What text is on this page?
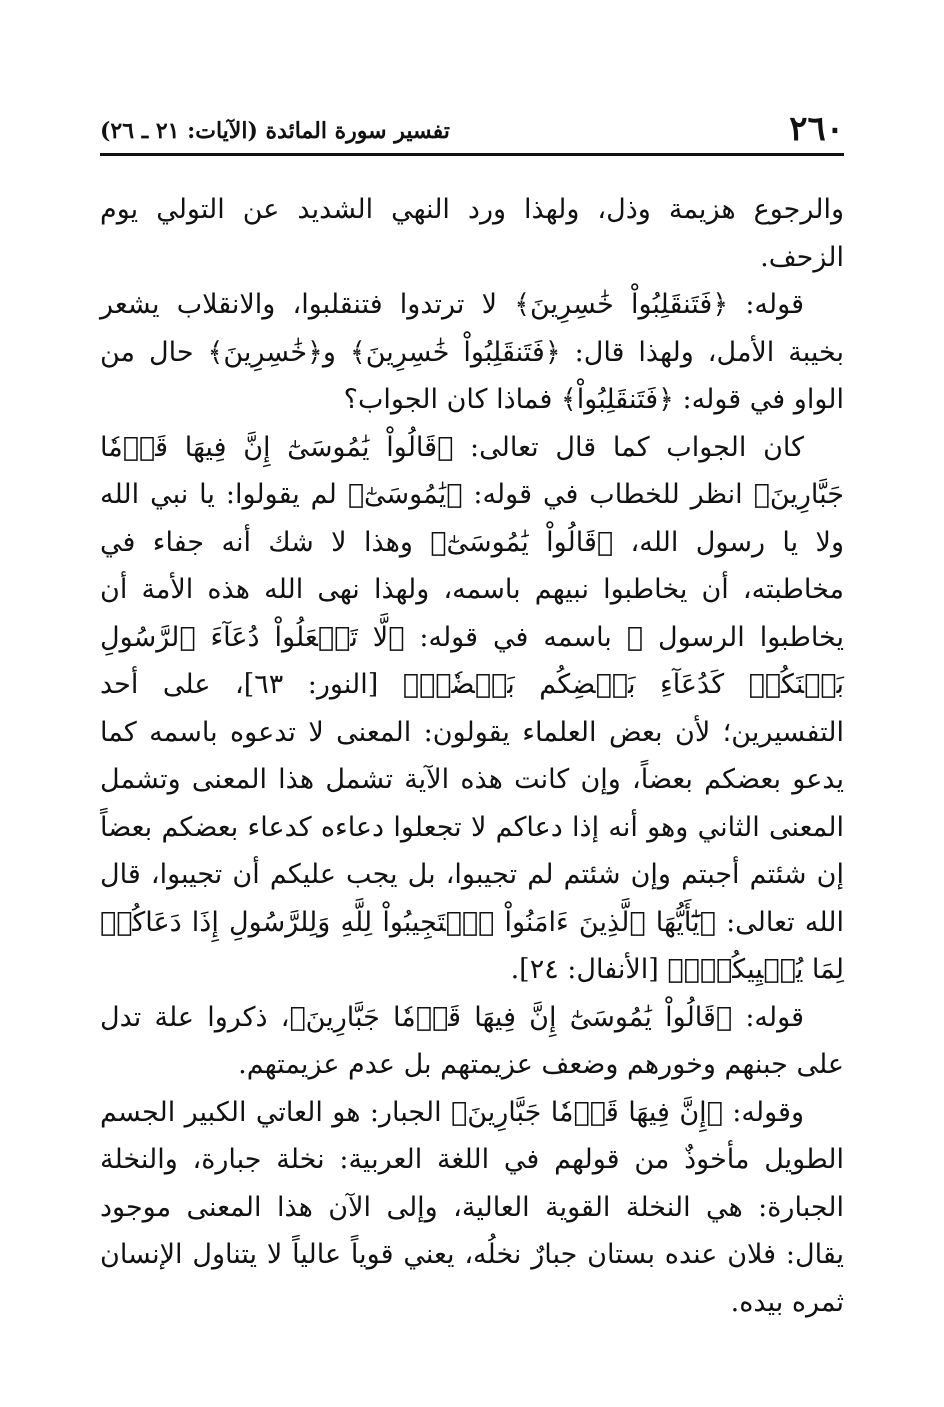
٢٦٠
تفسير سورة المائدة (الآيات: ٢١ ـ ٢٦)

والرجوع هزيمة وذل، ولهذا ورد النهي الشديد عن التولي يوم الزحف.

قوله: ﴿فَتَنقَلِبُواْ خَٰسِرِينَ﴾ لا ترتدوا فتنقلبوا، والانقلاب يشعر بخيبة الأمل، ولهذا قال: ﴿فَتَنقَلِبُواْ خَٰسِرِينَ﴾ و﴿خَٰسِرِينَ﴾ حال من الواو في قوله: ﴿فَتَنقَلِبُواْ﴾ فماذا كان الجواب؟

كان الجواب كما قال تعالى: ﴿قَالُواْ يَٰمُوسَىٰٓ إِنَّ فِيهَا قَوۡمٗا جَبَّارِينَ﴾ انظر للخطاب في قوله: ﴿يَٰمُوسَىٰٓ﴾ لم يقولوا: يا نبي الله ولا يا رسول الله، ﴿قَالُواْ يَٰمُوسَىٰٓ﴾ وهذا لا شك أنه جفاء في مخاطبته، أن يخاطبوا نبيهم باسمه، ولهذا نهى الله هذه الأمة أن يخاطبوا الرسول ﷺ باسمه في قوله: ﴿لَّا تَجۡعَلُواْ دُعَآءَ ٱلرَّسُولِ بَيۡنَكُمۡ كَدُعَآءِ بَعۡضِكُم بَعۡضٗاۚ﴾ [النور: ٦٣]، على أحد التفسيرين؛ لأن بعض العلماء يقولون: المعنى لا تدعوه باسمه كما يدعو بعضكم بعضاً، وإن كانت هذه الآية تشمل هذا المعنى وتشمل المعنى الثاني وهو أنه إذا دعاكم لا تجعلوا دعاءه كدعاء بعضكم بعضاً إن شئتم أجبتم وإن شئتم لم تجيبوا، بل يجب عليكم أن تجيبوا، قال الله تعالى: ﴿يَٰٓأَيُّهَا ٱلَّذِينَ ءَامَنُواْ ٱسۡتَجِيبُواْ لِلَّهِ وَلِلرَّسُولِ إِذَا دَعَاكُمۡ لِمَا يُحۡيِيكُمۡۖ﴾ [الأنفال: ٢٤].

قوله: ﴿قَالُواْ يَٰمُوسَىٰٓ إِنَّ فِيهَا قَوۡمٗا جَبَّارِينَ﴾، ذكروا علة تدل على جبنهم وخورهم وضعف عزيمتهم بل عدم عزيمتهم.

وقوله: ﴿إِنَّ فِيهَا قَوۡمٗا جَبَّارِينَ﴾ الجبار: هو العاتي الكبير الجسم الطويل مأخوذٌ من قولهم في اللغة العربية: نخلة جبارة، والنخلة الجبارة: هي النخلة القوية العالية، وإلى الآن هذا المعنى موجود يقال: فلان عنده بستان جبارٌ نخلُه، يعني قوياً عالياً لا يتناول الإنسان ثمره بيده.
